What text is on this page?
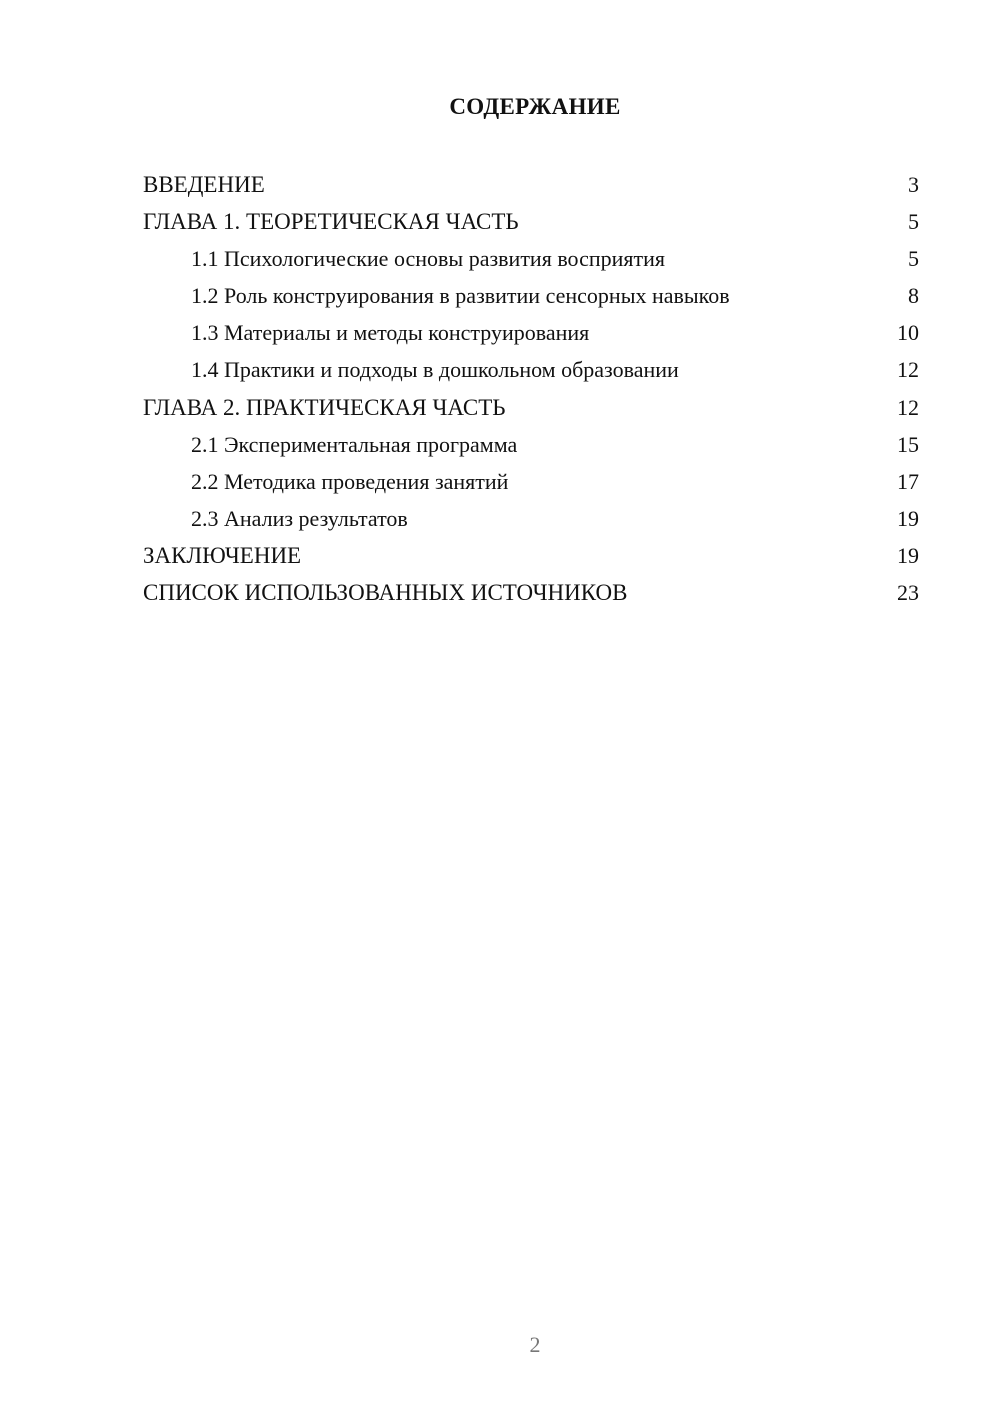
СОДЕРЖАНИЕ
ВВЕДЕНИЕ	3
ГЛАВА 1. ТЕОРЕТИЧЕСКАЯ ЧАСТЬ	5
1.1 Психологические основы развития восприятия	5
1.2 Роль конструирования в развитии сенсорных навыков	8
1.3 Материалы и методы конструирования	10
1.4 Практики и подходы в дошкольном образовании	12
ГЛАВА 2. ПРАКТИЧЕСКАЯ ЧАСТЬ	12
2.1 Экспериментальная программа	15
2.2 Методика проведения занятий	17
2.3 Анализ результатов	19
ЗАКЛЮЧЕНИЕ	19
СПИСОК ИСПОЛЬЗОВАННЫХ ИСТОЧНИКОВ	23
2
